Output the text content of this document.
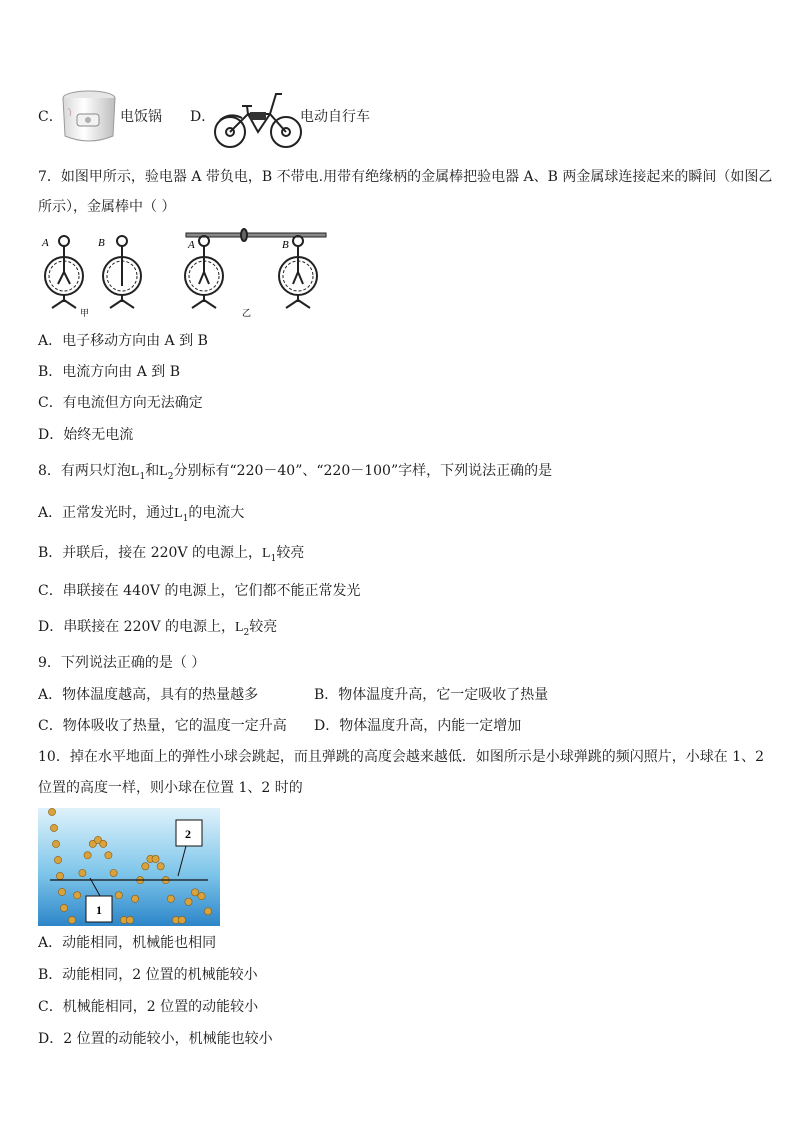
C．	电饭锅 D．	电动自行车
7．如图甲所示，验电器 A 带负电，B 不带电.用带有绝缘柄的金属棒把验电器 A、B 两金属球连接起来的瞬间（如图乙
所示），金属棒中（ ）
A	B	A	B
甲	乙
A．电子移动方向由 A 到 B
B．电流方向由 A 到 B
C．有电流但方向无法确定
D．始终无电流
8．有两只灯泡$L_1$和$L_2$分别标有“220－40”、“220－100”字样，下列说法正确的是
A．正常发光时，通过$L_1$的电流大
B．并联后，接在 220V 的电源上，$L_1$较亮
C．串联接在 440V 的电源上，它们都不能正常发光
D．串联接在 220V 的电源上，$L_2$较亮
9．下列说法正确的是（ ）
A．物体温度越高，具有的热量越多	B．物体温度升高，它一定吸收了热量
C．物体吸收了热量，它的温度一定升高 D．物体温度升高，内能一定增加
10．掉在水平地面上的弹性小球会跳起，而且弹跳的高度会越来越低．如图所示是小球弹跳的频闪照片，小球在 1、2
位置的高度一样，则小球在位置 1、2 时的
1
2
A．动能相同，机械能也相同
B．动能相同，2 位置的机械能较小
C．机械能相同，2 位置的动能较小
D．2 位置的动能较小，机械能也较小
